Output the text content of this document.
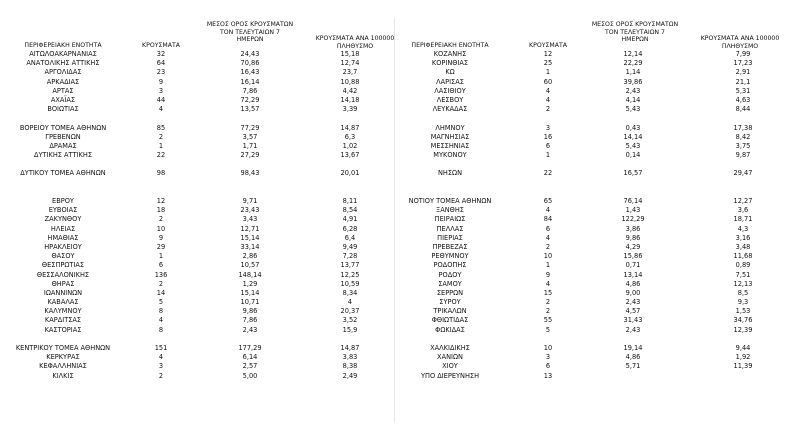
ΠΕΡΙΦΕΡΕΙΑΚΗ ΕΝΟΤΗΤΑ	ΚΡΟΥΣΜΑΤΑ
ΜΕΣΟΣ ΟΡΟΣ ΚΡΟΥΣΜΑΤΩΝ
ΤΟΝ ΤΕΛΕΥΤΑΙΩΝ 7
ΗΜΕΡΩΝ	ΚΡΟΥΣΜΑΤΑ ΑΝΑ 100000
ΠΛΗΘΥΣΜΟ
ΑΙΤΩΛΟΑΚΑΡΝΑΝΙΑΣ	32	24,43	15,18
ΑΝΑΤΟΛΙΚΗΣ ΑΤΤΙΚΗΣ	64	70,86	12,74
ΑΡΓΟΛΙΔΑΣ	23	16,43	23,7
ΑΡΚΑΔΙΑΣ	9	16,14	10,88
ΑΡΤΑΣ	3	7,86	4,42
ΑΧΑΪΑΣ	44	72,29	14,18
ΒΟΙΩΤΙΑΣ	4	13,57	3,39
ΒΟΡΕΙΟΥ ΤΟΜΕΑ ΑΘΗΝΩΝ	85	77,29	14,87
ΓΡΕΒΕΝΩΝ	2	3,57	6,3
ΔΡΑΜΑΣ	1	1,71	1,02
ΔΥΤΙΚΗΣ ΑΤΤΙΚΗΣ	22	27,29	13,67
ΔΥΤΙΚΟΥ ΤΟΜΕΑ ΑΘΗΝΩΝ	98	98,43	20,01
ΕΒΡΟΥ	12	9,71	8,11
ΕΥΒΟΙΑΣ	18	23,43	8,54
ΖΑΚΥΝΘΟΥ	2	3,43	4,91
ΗΛΕΙΑΣ	10	12,71	6,28
ΗΜΑΘΙΑΣ	9	15,14	6,4
ΗΡΑΚΛΕΙΟΥ	29	33,14	9,49
ΘΑΣΟΥ	1	2,86	7,28
ΘΕΣΠΡΩΤΙΑΣ	6	10,57	13,77
ΘΕΣΣΑΛΟΝΙΚΗΣ	136	148,14	12,25
ΘΗΡΑΣ	2	1,29	10,59
ΙΩΑΝΝΙΝΩΝ	14	15,14	8,34
ΚΑΒΑΛΑΣ	5	10,71	4
ΚΑΛΥΜΝΟΥ	8	9,86	20,37
ΚΑΡΔΙΤΣΑΣ	4	7,86	3,52
ΚΑΣΤΟΡΙΑΣ	8	2,43	15,9
ΚΕΝΤΡΙΚΟΥ ΤΟΜΕΑ ΑΘΗΝΩΝ	151	177,29	14,87
ΚΕΡΚΥΡΑΣ	4	6,14	3,83
ΚΕΦΑΛΛΗΝΙΑΣ	3	2,57	8,38
ΚΙΛΚΙΣ	2	5,00	2,49
ΠΕΡΙΦΕΡΕΙΑΚΗ ΕΝΟΤΗΤΑ	ΚΡΟΥΣΜΑΤΑ
ΜΕΣΟΣ ΟΡΟΣ ΚΡΟΥΣΜΑΤΩΝ
ΤΟΝ ΤΕΛΕΥΤΑΙΩΝ 7
ΗΜΕΡΩΝ	ΚΡΟΥΣΜΑΤΑ ΑΝΑ 100000
ΠΛΗΘΥΣΜΟ
ΚΟΖΑΝΗΣ	12	12,14	7,99
ΚΟΡΙΝΘΙΑΣ	25	22,29	17,23
ΚΩ	1	1,14	2,91
ΛΑΡΙΣΑΣ	60	39,86	21,1
ΛΑΣΙΘΙΟΥ	4	2,43	5,31
ΛΕΣΒΟΥ	4	4,14	4,63
ΛΕΥΚΑΔΑΣ	2	5,43	8,44
ΛΗΜΝΟΥ	3	0,43	17,38
ΜΑΓΝΗΣΙΑΣ	16	14,14	8,42
ΜΕΣΣΗΝΙΑΣ	6	5,43	3,75
ΜΥΚΟΝΟΥ	1	0,14	9,87
ΝΗΣΩΝ	22	16,57	29,47
ΝΟΤΙΟΥ ΤΟΜΕΑ ΑΘΗΝΩΝ	65	76,14	12,27
ΞΑΝΘΗΣ	4	1,43	3,6
ΠΕΙΡΑΙΩΣ	84	122,29	18,71
ΠΕΛΛΑΣ	6	3,86	4,3
ΠΙΕΡΙΑΣ	4	9,86	3,16
ΠΡΕΒΕΖΑΣ	2	4,29	3,48
ΡΕΘΥΜΝΟΥ	10	15,86	11,68
ΡΟΔΟΠΗΣ	1	0,71	0,89
ΡΟΔΟΥ	9	13,14	7,51
ΣΑΜΟΥ	4	4,86	12,13
ΣΕΡΡΩΝ	15	9,00	8,5
ΣΥΡΟΥ	2	2,43	9,3
ΤΡΙΚΑΛΩΝ	2	4,57	1,53
ΦΘΙΩΤΙΔΑΣ	55	31,43	34,76
ΦΩΚΙΔΑΣ	5	2,43	12,39
ΧΑΛΚΙΔΙΚΗΣ	10	19,14	9,44
ΧΑΝΙΩΝ	3	4,86	1,92
ΧΙΟΥ	6	5,71	11,39
ΥΠΟ ΔΙΕΡΕΥΝΗΣΗ	13
